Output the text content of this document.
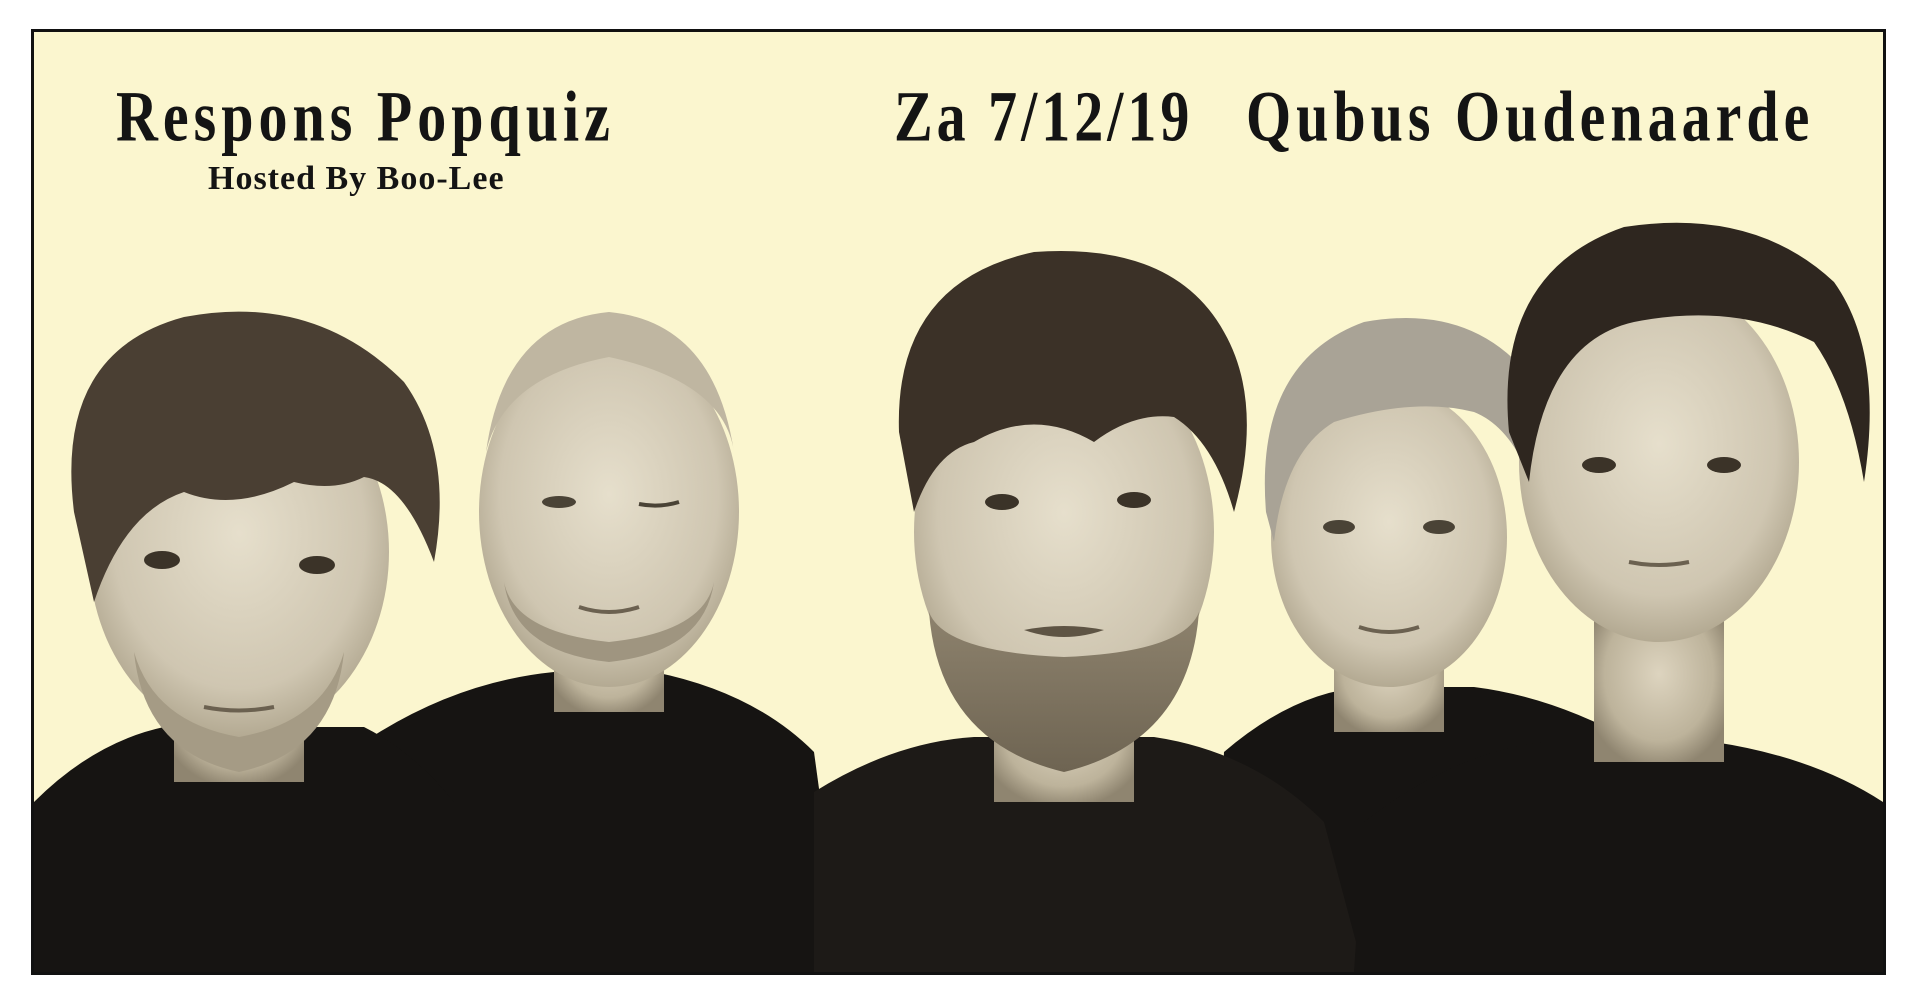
Respons Popquiz
Hosted By Boo-Lee
Za 7/12/19 Qubus Oudenaarde
